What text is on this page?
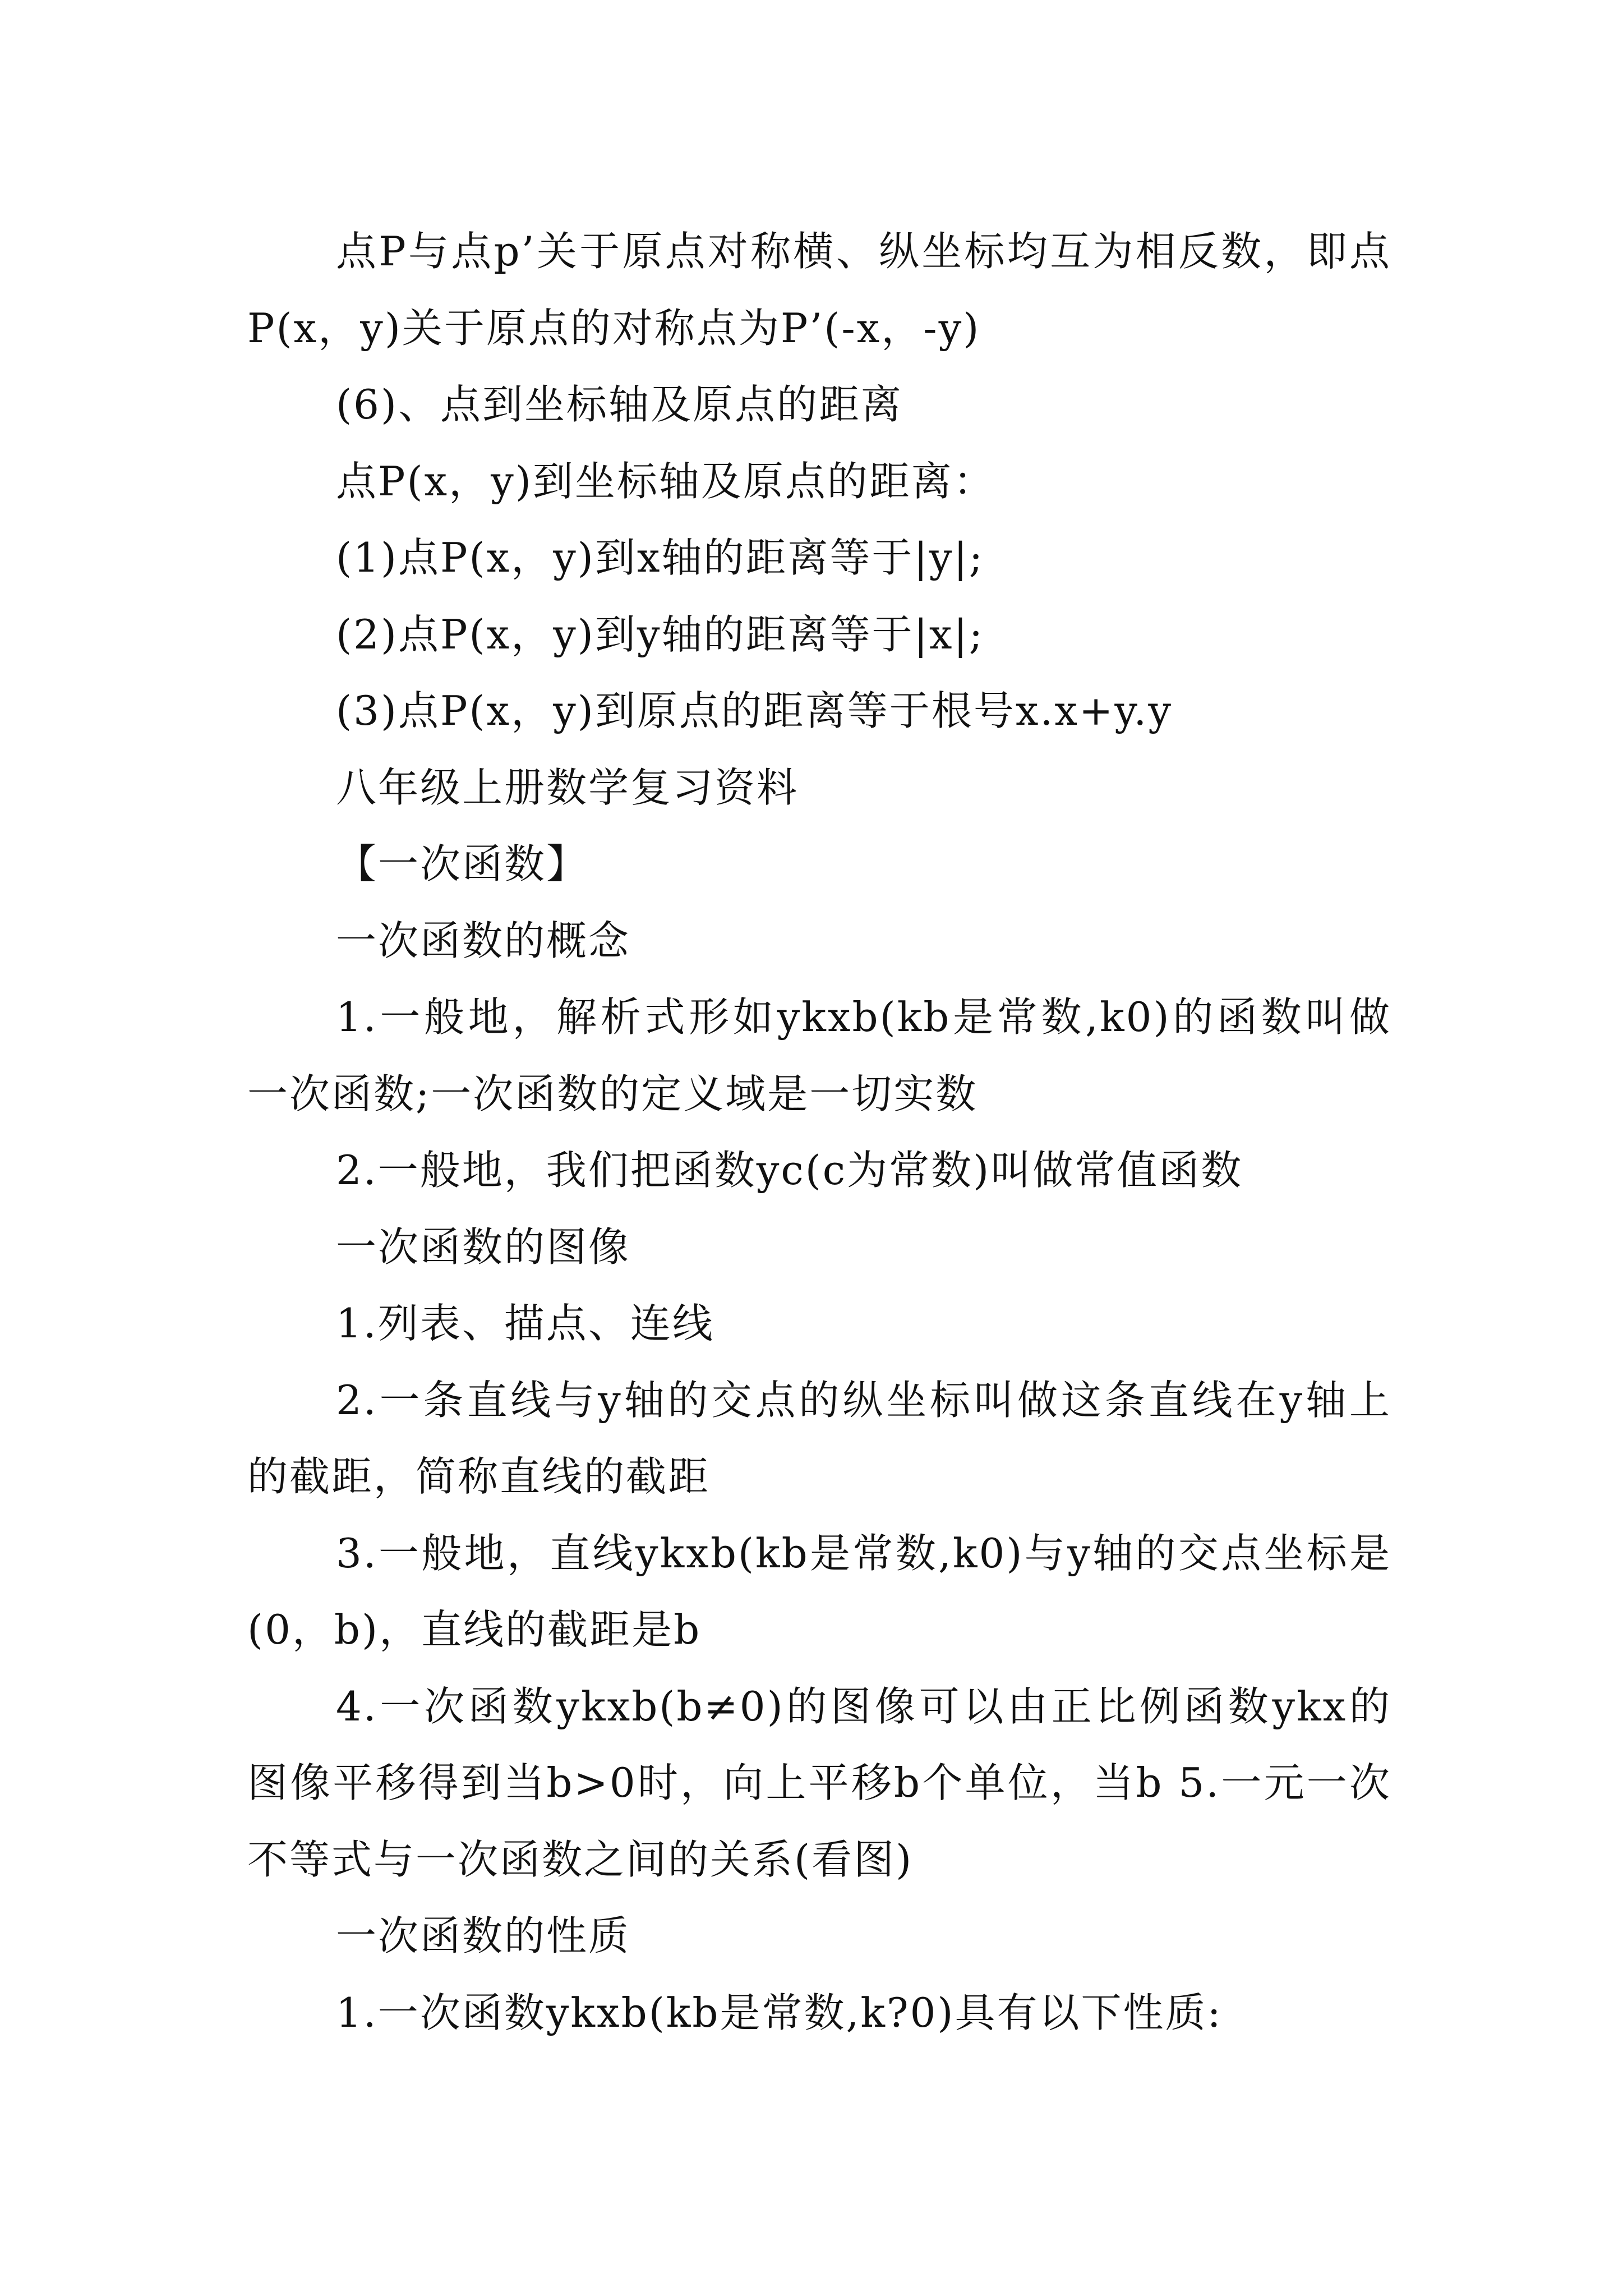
点P与点p’关于原点对称横、纵坐标均互为相反数，即点P(x，y)关于原点的对称点为P’(-x，-y)

(6)、点到坐标轴及原点的距离

点P(x，y)到坐标轴及原点的距离：

(1)点P(x，y)到x轴的距离等于|y|;

(2)点P(x，y)到y轴的距离等于|x|;

(3)点P(x，y)到原点的距离等于根号x.x+y.y

八年级上册数学复习资料

【一次函数】

一次函数的概念

1.一般地，解析式形如ykxb(kb是常数,k0)的函数叫做一次函数;一次函数的定义域是一切实数

2.一般地，我们把函数yc(c为常数)叫做常值函数

一次函数的图像

1.列表、描点、连线

2.一条直线与y轴的交点的纵坐标叫做这条直线在y轴上的截距，简称直线的截距

3.一般地，直线ykxb(kb是常数,k0)与y轴的交点坐标是(0，b)，直线的截距是b

4.一次函数ykxb(b≠0)的图像可以由正比例函数ykx的图像平移得到当b>0时，向上平移b个单位，当b 5.一元一次不等式与一次函数之间的关系(看图)

一次函数的性质

1.一次函数ykxb(kb是常数,k?0)具有以下性质:
